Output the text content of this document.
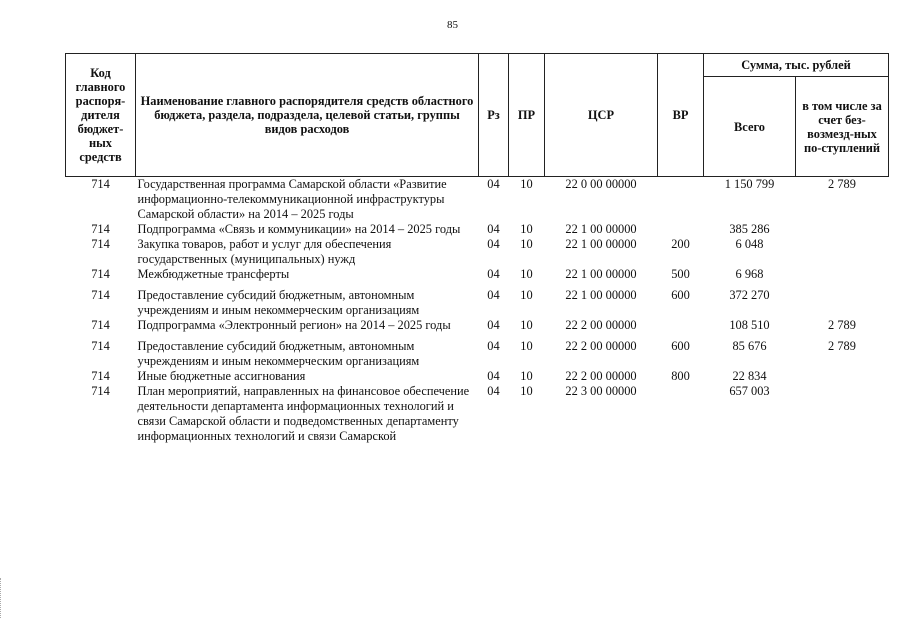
85
Код главного распоря-дителя бюджет-ных средств	Наименование главного распорядителя средств областного бюджета, раздела, подраздела, целевой статьи, группы видов расходов	Рз	ПР	ЦСР	ВР	Сумма, тыс. рублей	
						Всего	в том числе за счет без-возмезд-ных по-ступлений
714	Государственная программа Самарской области «Развитие информационно-телекоммуникационной инфраструктуры Самарской области» на 2014 – 2025 годы	04	10	22 0 00 00000		1 150 799	2 789
714	Подпрограмма «Связь и коммуникации» на 2014 – 2025 годы	04	10	22 1 00 00000		385 286	
714	Закупка товаров, работ и услуг для обеспечения государственных (муниципальных) нужд	04	10	22 1 00 00000	200	6 048	
714	Межбюджетные трансферты	04	10	22 1 00 00000	500	6 968	
714	Предоставление субсидий бюджетным, автономным учреждениям и иным некоммерческим организациям	04	10	22 1 00 00000	600	372 270	
714	Подпрограмма «Электронный регион» на 2014 – 2025 годы	04	10	22 2 00 00000		108 510	2 789
714	Предоставление субсидий бюджетным, автономным учреждениям и иным некоммерческим организациям	04	10	22 2 00 00000	600	85 676	2 789
714	Иные бюджетные ассигнования	04	10	22 2 00 00000	800	22 834	
714	План мероприятий, направленных на финансовое обеспечение деятельности департамента информационных технологий и связи Самарской области и подведомственных департаменту информационных технологий и связи Самарской	04	10	22 3 00 00000		657 003	
